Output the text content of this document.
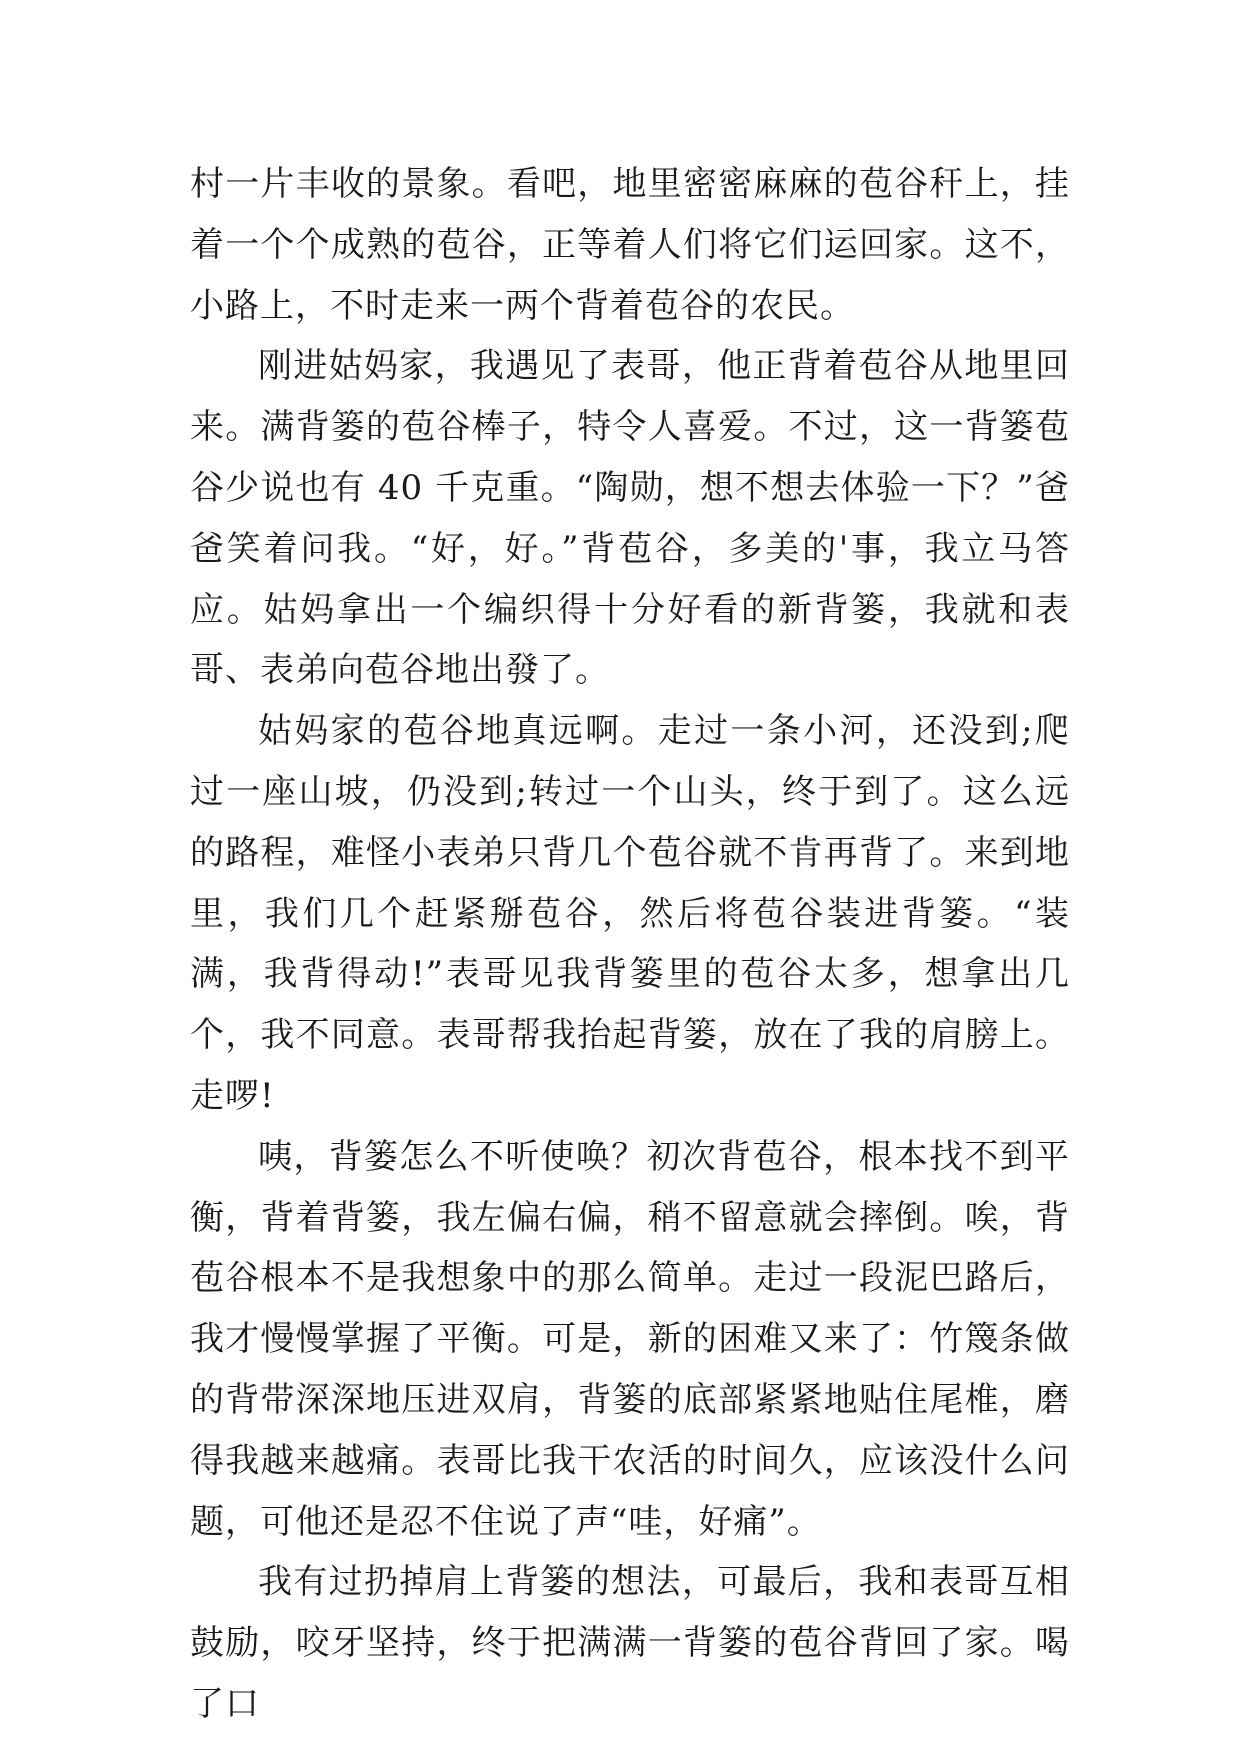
村一片丰收的景象。看吧，地里密密麻麻的苞谷秆上，挂着一个个成熟的苞谷，正等着人们将它们运回家。这不，小路上，不时走来一两个背着苞谷的农民。

刚进姑妈家，我遇见了表哥，他正背着苞谷从地里回来。满背篓的苞谷棒子，特令人喜爱。不过，这一背篓苞谷少说也有 40 千克重。“陶勋，想不想去体验一下？”爸爸笑着问我。“好，好。”背苞谷，多美的'事，我立马答应。姑妈拿出一个编织得十分好看的新背篓，我就和表哥、表弟向苞谷地出發了。

姑妈家的苞谷地真远啊。走过一条小河，还没到;爬过一座山坡，仍没到;转过一个山头，终于到了。这么远的路程，难怪小表弟只背几个苞谷就不肯再背了。来到地里，我们几个赶紧掰苞谷，然后将苞谷装进背篓。“装满，我背得动!”表哥见我背篓里的苞谷太多，想拿出几个，我不同意。表哥帮我抬起背篓，放在了我的肩膀上。走啰!

咦，背篓怎么不听使唤？初次背苞谷，根本找不到平衡，背着背篓，我左偏右偏，稍不留意就会摔倒。唉，背苞谷根本不是我想象中的那么简单。走过一段泥巴路后，我才慢慢掌握了平衡。可是，新的困难又来了：竹篾条做的背带深深地压进双肩，背篓的底部紧紧地贴住尾椎，磨得我越来越痛。表哥比我干农活的时间久，应该没什么问题，可他还是忍不住说了声“哇，好痛”。

我有过扔掉肩上背篓的想法，可最后，我和表哥互相鼓励，咬牙坚持，终于把满满一背篓的苞谷背回了家。喝了口
